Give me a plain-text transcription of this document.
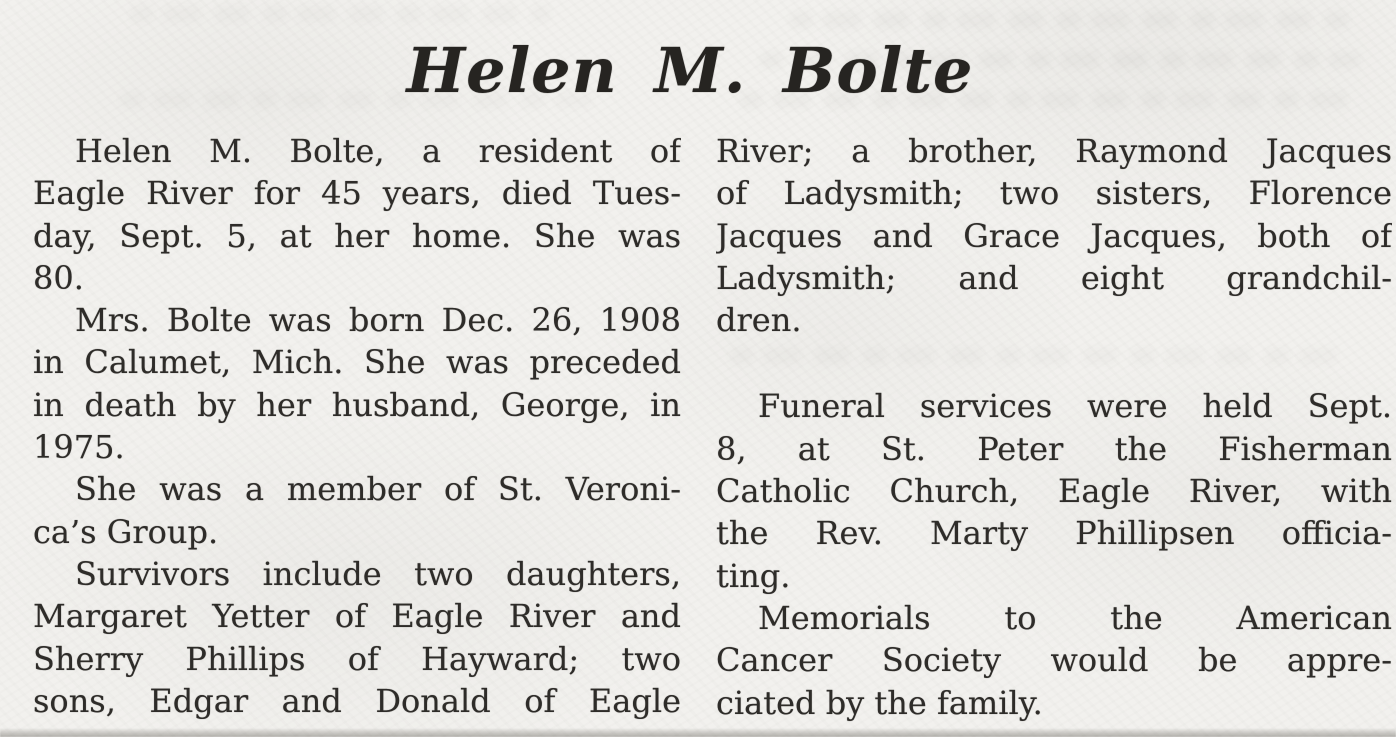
Helen M. Bolte
Helen M. Bolte, a resident of
Eagle River for 45 years, died Tues-
day, Sept. 5, at her home. She was
80.
Mrs. Bolte was born Dec. 26, 1908
in Calumet, Mich. She was preceded
in death by her husband, George, in
1975.
She was a member of St. Veroni-
ca’s Group.
Survivors include two daughters,
Margaret Yetter of Eagle River and
Sherry Phillips of Hayward; two
sons, Edgar and Donald of Eagle
River; a brother, Raymond Jacques
of Ladysmith; two sisters, Florence
Jacques and Grace Jacques, both of
Ladysmith; and eight grandchil-
dren.
Funeral services were held Sept.
8, at St. Peter the Fisherman
Catholic Church, Eagle River, with
the Rev. Marty Phillipsen officia-
ting.
Memorials to the American
Cancer Society would be appre-
ciated by the family.
